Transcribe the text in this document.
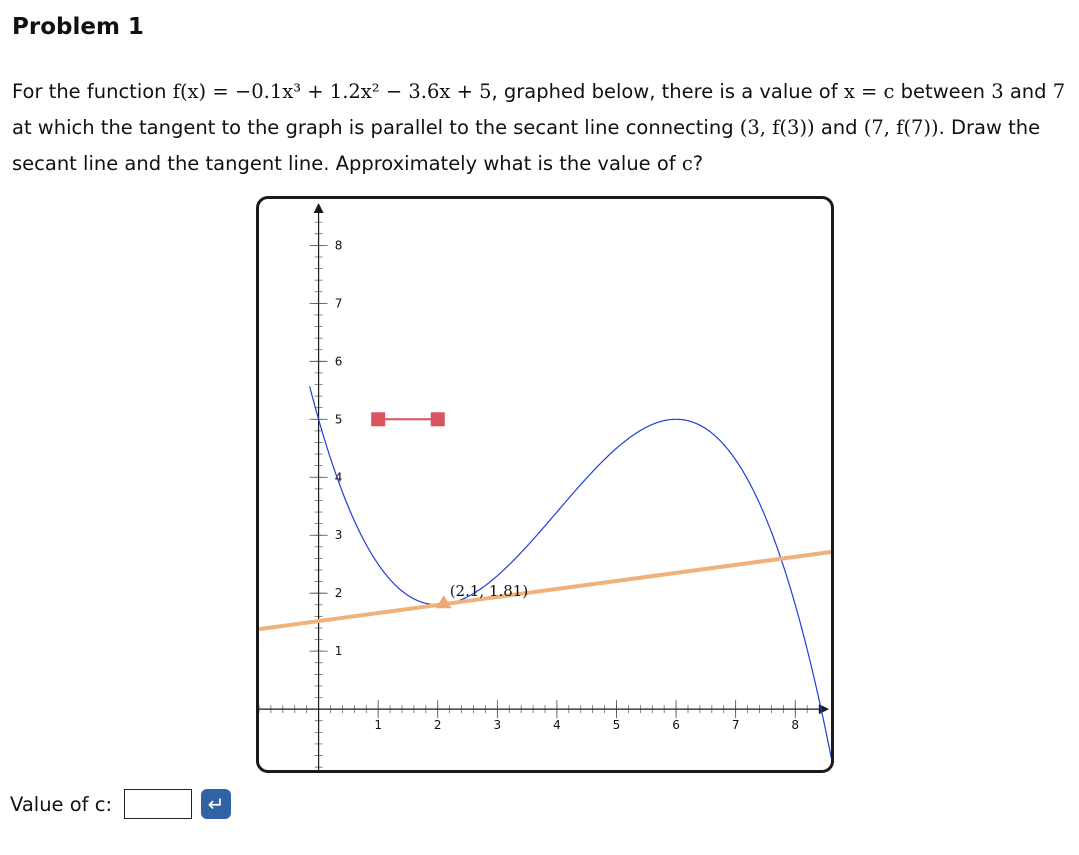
Problem 1

For the function f(x) = −0.1x³ + 1.2x² − 3.6x + 5, graphed below, there is a value of x = c between 3 and 7 at which the tangent to the graph is parallel to the secant line connecting (3, f(3)) and (7, f(7)). Draw the secant line and the tangent line. Approximately what is the value of c?

1	2	3	4	5	6	7	8
1
2
3
4
5
6
7
8
(2.1, 1.81)
Value of c:	↵
